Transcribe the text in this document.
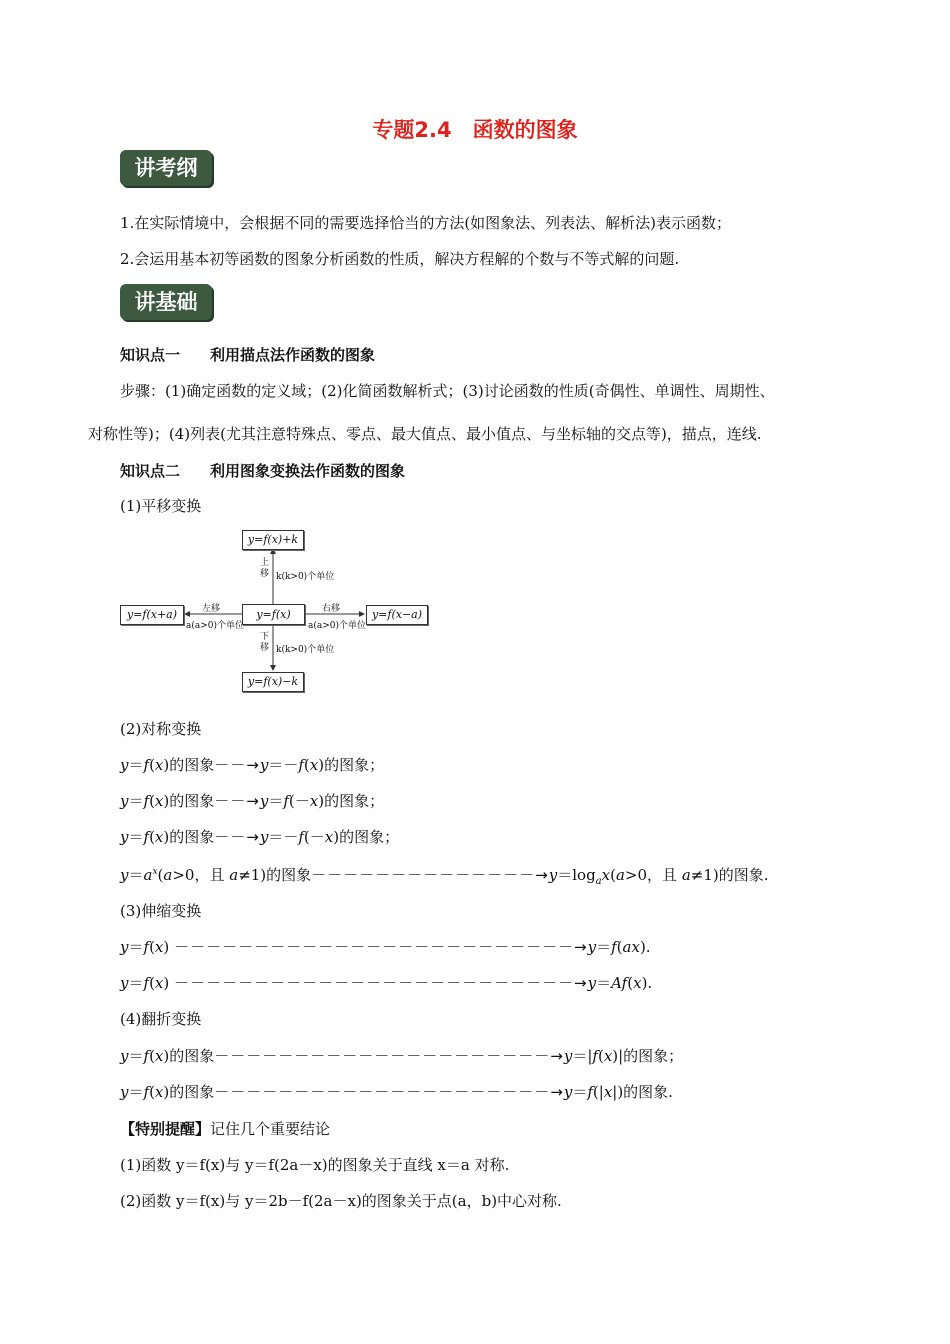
专题2.4　函数的图象
讲考纲
1.在实际情境中，会根据不同的需要选择恰当的方法(如图象法、列表法、解析法)表示函数；
2.会运用基本初等函数的图象分析函数的性质，解决方程解的个数与不等式解的问题.
讲基础
知识点一 利用描点法作函数的图象
步骤：(1)确定函数的定义域；(2)化简函数解析式；(3)讨论函数的性质(奇偶性、单调性、周期性、
对称性等)；(4)列表(尤其注意特殊点、零点、最大值点、最小值点、与坐标轴的交点等)，描点，连线.
知识点二 利用图象变换法作函数的图象
(1)平移变换
y=f(x)+k
y=f(x)
y=f(x+a)	y=f(x−a)
y=f(x)−k
上移 k(k>0)个单位
下移 k(k>0)个单位
左移
a(a>0)个单位
右移
a(a>0)个单位
(2)对称变换
y＝f(x)的图象－－→y＝－f(x)的图象；
y＝f(x)的图象－－→y＝f(－x)的图象；
y＝f(x)的图象－－→y＝－f(－x)的图象；
$y=a^x(a>0$，且 a≠1)的图象$--------------\to y=\log_ax(a>0$，且 a≠1)的图象.
(3)伸缩变换
y＝f(x) －－－－－－－－－－－－－－－－－－－－－－－－－→y＝f(ax).
y＝f(x) －－－－－－－－－－－－－－－－－－－－－－－－－→y＝Af(x).
(4)翻折变换
y＝f(x)的图象－－－－－－－－－－－－－－－－－－－－－→y＝|f(x)|的图象；
y＝f(x)的图象－－－－－－－－－－－－－－－－－－－－－→y＝f(|x|)的图象.
【特别提醒】记住几个重要结论
(1)函数 y＝f(x)与 y＝f(2a－x)的图象关于直线 x＝a 对称.
(2)函数 y＝f(x)与 y＝2b－f(2a－x)的图象关于点(a，b)中心对称.
